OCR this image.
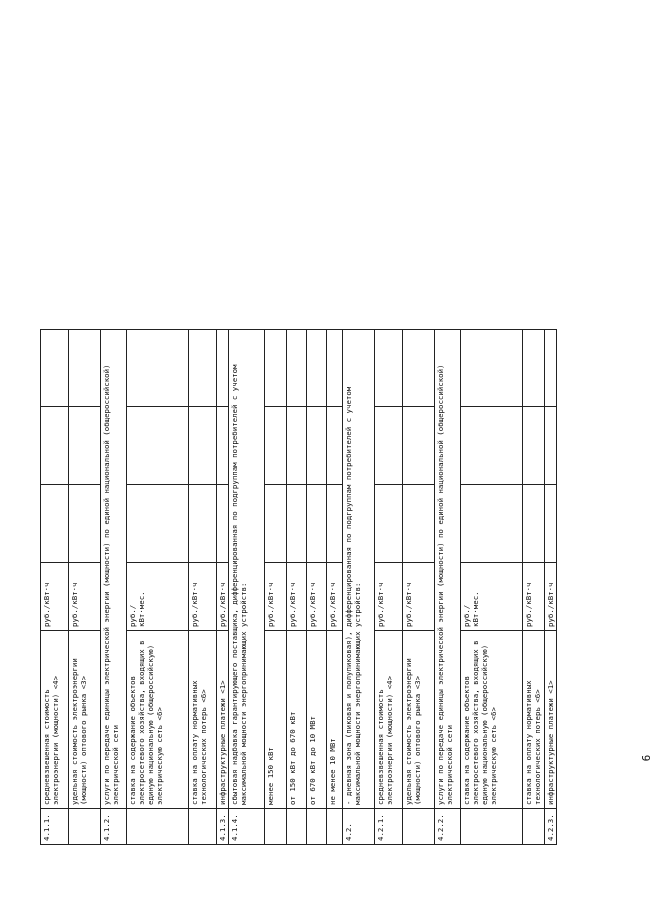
4.1.1.	средневзвешенная стоимость электроэнергии (мощности) <4>	руб./кВт·ч			
	удельная стоимость электроэнергии (мощности) оптового рынка <3>	руб./кВт·ч			
4.1.2.	услуги по передаче единицы электрической энергии (мощности) по единой национальной (общероссийской) электрической сети				
	ставка на содержание объектов электросетевого хозяйства, входящих в единую национальную (общероссийскую) электрическую сеть <6>	руб./ кВт·мес.			
	ставка на оплату нормативных технологических потерь <6>	руб./кВт·ч			
4.1.3.	инфраструктурные платежи <1>	руб./кВт·ч			
4.1.4.	сбытовая надбавка гарантирующего поставщика, дифференцированная по подгруппам потребителей с учетом максимальной мощности энергопринимающих устройств:				
	менее 150 кВт	руб./кВт·ч			
	от 150 кВт до 670 кВт	руб./кВт·ч			
	от 670 кВт до 10 МВт	руб./кВт·ч			
	не менее 10 МВт	руб./кВт·ч			
4.2.	- дневная зона (пиковая и полупиковая), дифференцированная по подгруппам потребителей с учетом максимальной мощности энергопринимающих устройств:				
4.2.1.	средневзвешенная стоимость электроэнергии (мощности) <4>	руб./кВт·ч			
	удельная стоимость электроэнергии (мощности) оптового рынка <3>	руб./кВт·ч			
4.2.2.	услуги по передаче единицы электрической энергии (мощности) по единой национальной (общероссийской) электрической сети				
	ставка на содержание объектов электросетевого хозяйства, входящих в единую национальную (общероссийскую) электрическую сеть <6>	руб./ кВт·мес.			
	ставка на оплату нормативных технологических потерь <6>	руб./кВт·ч			
4.2.3.	инфраструктурные платежи <1>	руб./кВт·ч			
6
